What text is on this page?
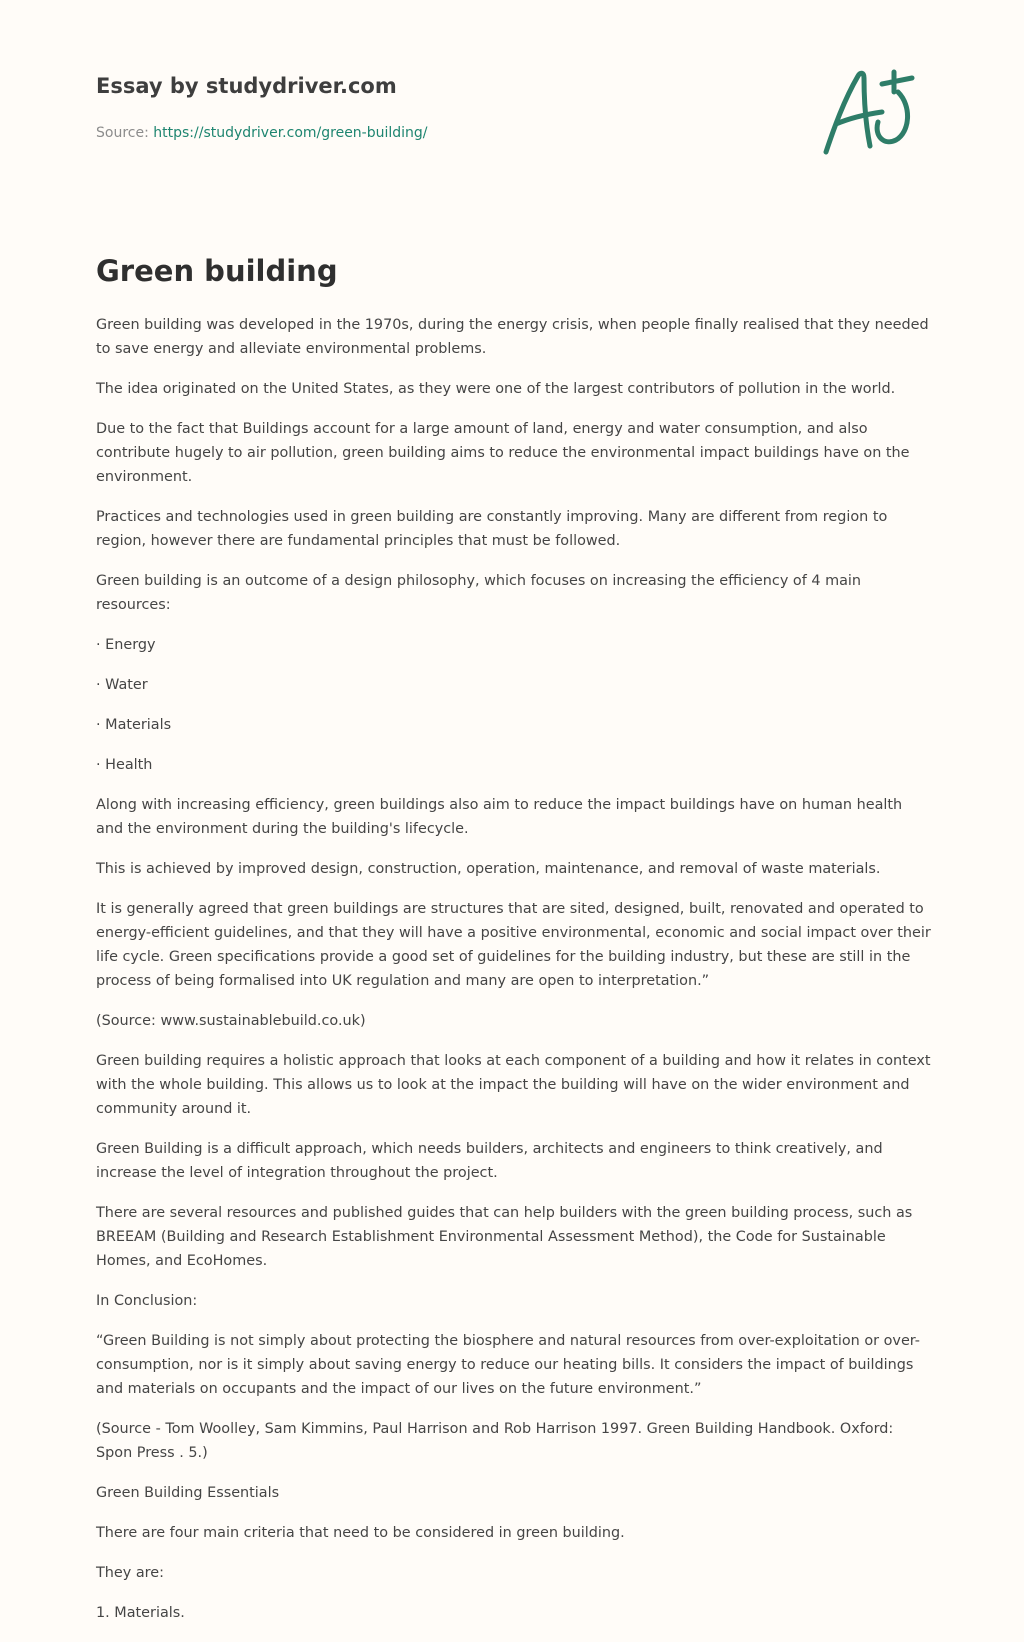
Essay by studydriver.com
Source: https://studydriver.com/green-building/
Green building

Green building was developed in the 1970s, during the energy crisis, when people finally realised that they needed to save energy and alleviate environmental problems.

The idea originated on the United States, as they were one of the largest contributors of pollution in the world.

Due to the fact that Buildings account for a large amount of land, energy and water consumption, and also contribute hugely to air pollution, green building aims to reduce the environmental impact buildings have on the environment.

Practices and technologies used in green building are constantly improving. Many are different from region to region, however there are fundamental principles that must be followed.

Green building is an outcome of a design philosophy, which focuses on increasing the efficiency of 4 main resources:

· Energy

· Water

· Materials

· Health

Along with increasing efficiency, green buildings also aim to reduce the impact buildings have on human health and the environment during the building's lifecycle.

This is achieved by improved design, construction, operation, maintenance, and removal of waste materials.

It is generally agreed that green buildings are structures that are sited, designed, built, renovated and operated to energy-efficient guidelines, and that they will have a positive environmental, economic and social impact over their life cycle. Green specifications provide a good set of guidelines for the building industry, but these are still in the process of being formalised into UK regulation and many are open to interpretation.”

(Source: www.sustainablebuild.co.uk)

Green building requires a holistic approach that looks at each component of a building and how it relates in context with the whole building. This allows us to look at the impact the building will have on the wider environment and community around it.

Green Building is a difficult approach, which needs builders, architects and engineers to think creatively, and increase the level of integration throughout the project.

There are several resources and published guides that can help builders with the green building process, such as BREEAM (Building and Research Establishment Environmental Assessment Method), the Code for Sustainable Homes, and EcoHomes.

In Conclusion:

“Green Building is not simply about protecting the biosphere and natural resources from over-exploitation or over-consumption, nor is it simply about saving energy to reduce our heating bills. It considers the impact of buildings and materials on occupants and the impact of our lives on the future environment.”

(Source - Tom Woolley, Sam Kimmins, Paul Harrison and Rob Harrison 1997. Green Building Handbook. Oxford: Spon Press . 5.)

Green Building Essentials

There are four main criteria that need to be considered in green building.

They are:

1. Materials.
